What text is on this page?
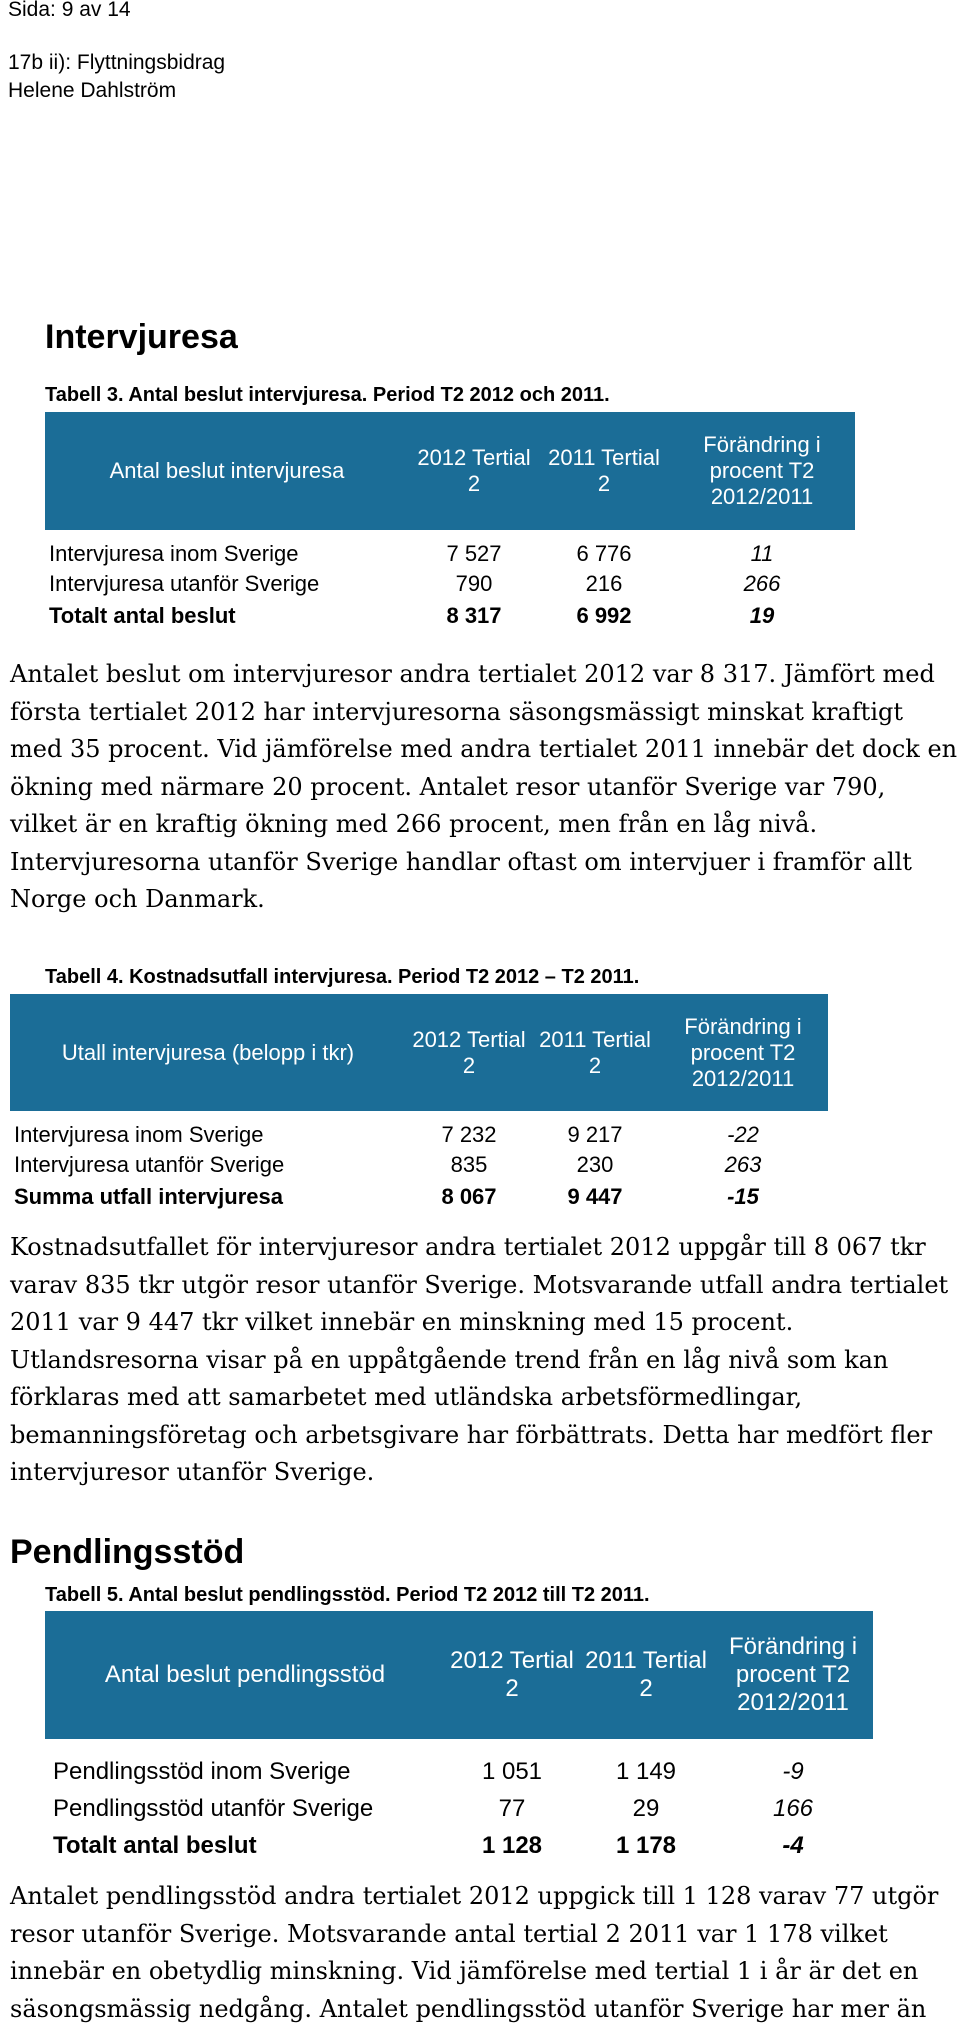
Sida: 9 av 14
17b ii): Flyttningsbidrag
Helene Dahlström
Intervjuresa
Tabell 3. Antal beslut intervjuresa. Period T2 2012 och 2011.
Antal beslut intervjuresa	2012 Tertial 2	2011 Tertial 2	Förändring i procent T2 2012/2011
Intervjuresa inom Sverige	7 527	6 776	11
Intervjuresa utanför Sverige	790	216	266
Totalt antal beslut	8 317	6 992	19
Antalet beslut om intervjuresor andra tertialet 2012 var 8 317. Jämfört med
första tertialet 2012 har intervjuresorna säsongsmässigt minskat kraftigt
med 35 procent. Vid jämförelse med andra tertialet 2011 innebär det dock en
ökning med närmare 20 procent. Antalet resor utanför Sverige var 790,
vilket är en kraftig ökning med 266 procent, men från en låg nivå.
Intervjuresorna utanför Sverige handlar oftast om intervjuer i framför allt
Norge och Danmark.
Tabell 4. Kostnadsutfall intervjuresa. Period T2 2012 – T2 2011.
Utall intervjuresa (belopp i tkr)	2012 Tertial 2	2011 Tertial 2	Förändring i procent T2 2012/2011
Intervjuresa inom Sverige	7 232	9 217	-22
Intervjuresa utanför Sverige	835	230	263
Summa utfall intervjuresa	8 067	9 447	-15
Kostnadsutfallet för intervjuresor andra tertialet 2012 uppgår till 8 067 tkr
varav 835 tkr utgör resor utanför Sverige. Motsvarande utfall andra tertialet
2011 var 9 447 tkr vilket innebär en minskning med 15 procent.
Utlandsresorna visar på en uppåtgående trend från en låg nivå som kan
förklaras med att samarbetet med utländska arbetsförmedlingar,
bemanningsföretag och arbetsgivare har förbättrats. Detta har medfört fler
intervjuresor utanför Sverige.
Pendlingsstöd
Tabell 5. Antal beslut pendlingsstöd. Period T2 2012 till T2 2011.
Antal beslut pendlingsstöd	2012 Tertial 2	2011 Tertial 2	Förändring i procent T2 2012/2011
Pendlingsstöd inom Sverige	1 051	1 149	-9
Pendlingsstöd utanför Sverige	77	29	166
Totalt antal beslut	1 128	1 178	-4
Antalet pendlingsstöd andra tertialet 2012 uppgick till 1 128 varav 77 utgör
resor utanför Sverige. Motsvarande antal tertial 2 2011 var 1 178 vilket
innebär en obetydlig minskning. Vid jämförelse med tertial 1 i år är det en
säsongsmässig nedgång. Antalet pendlingsstöd utanför Sverige har mer än
